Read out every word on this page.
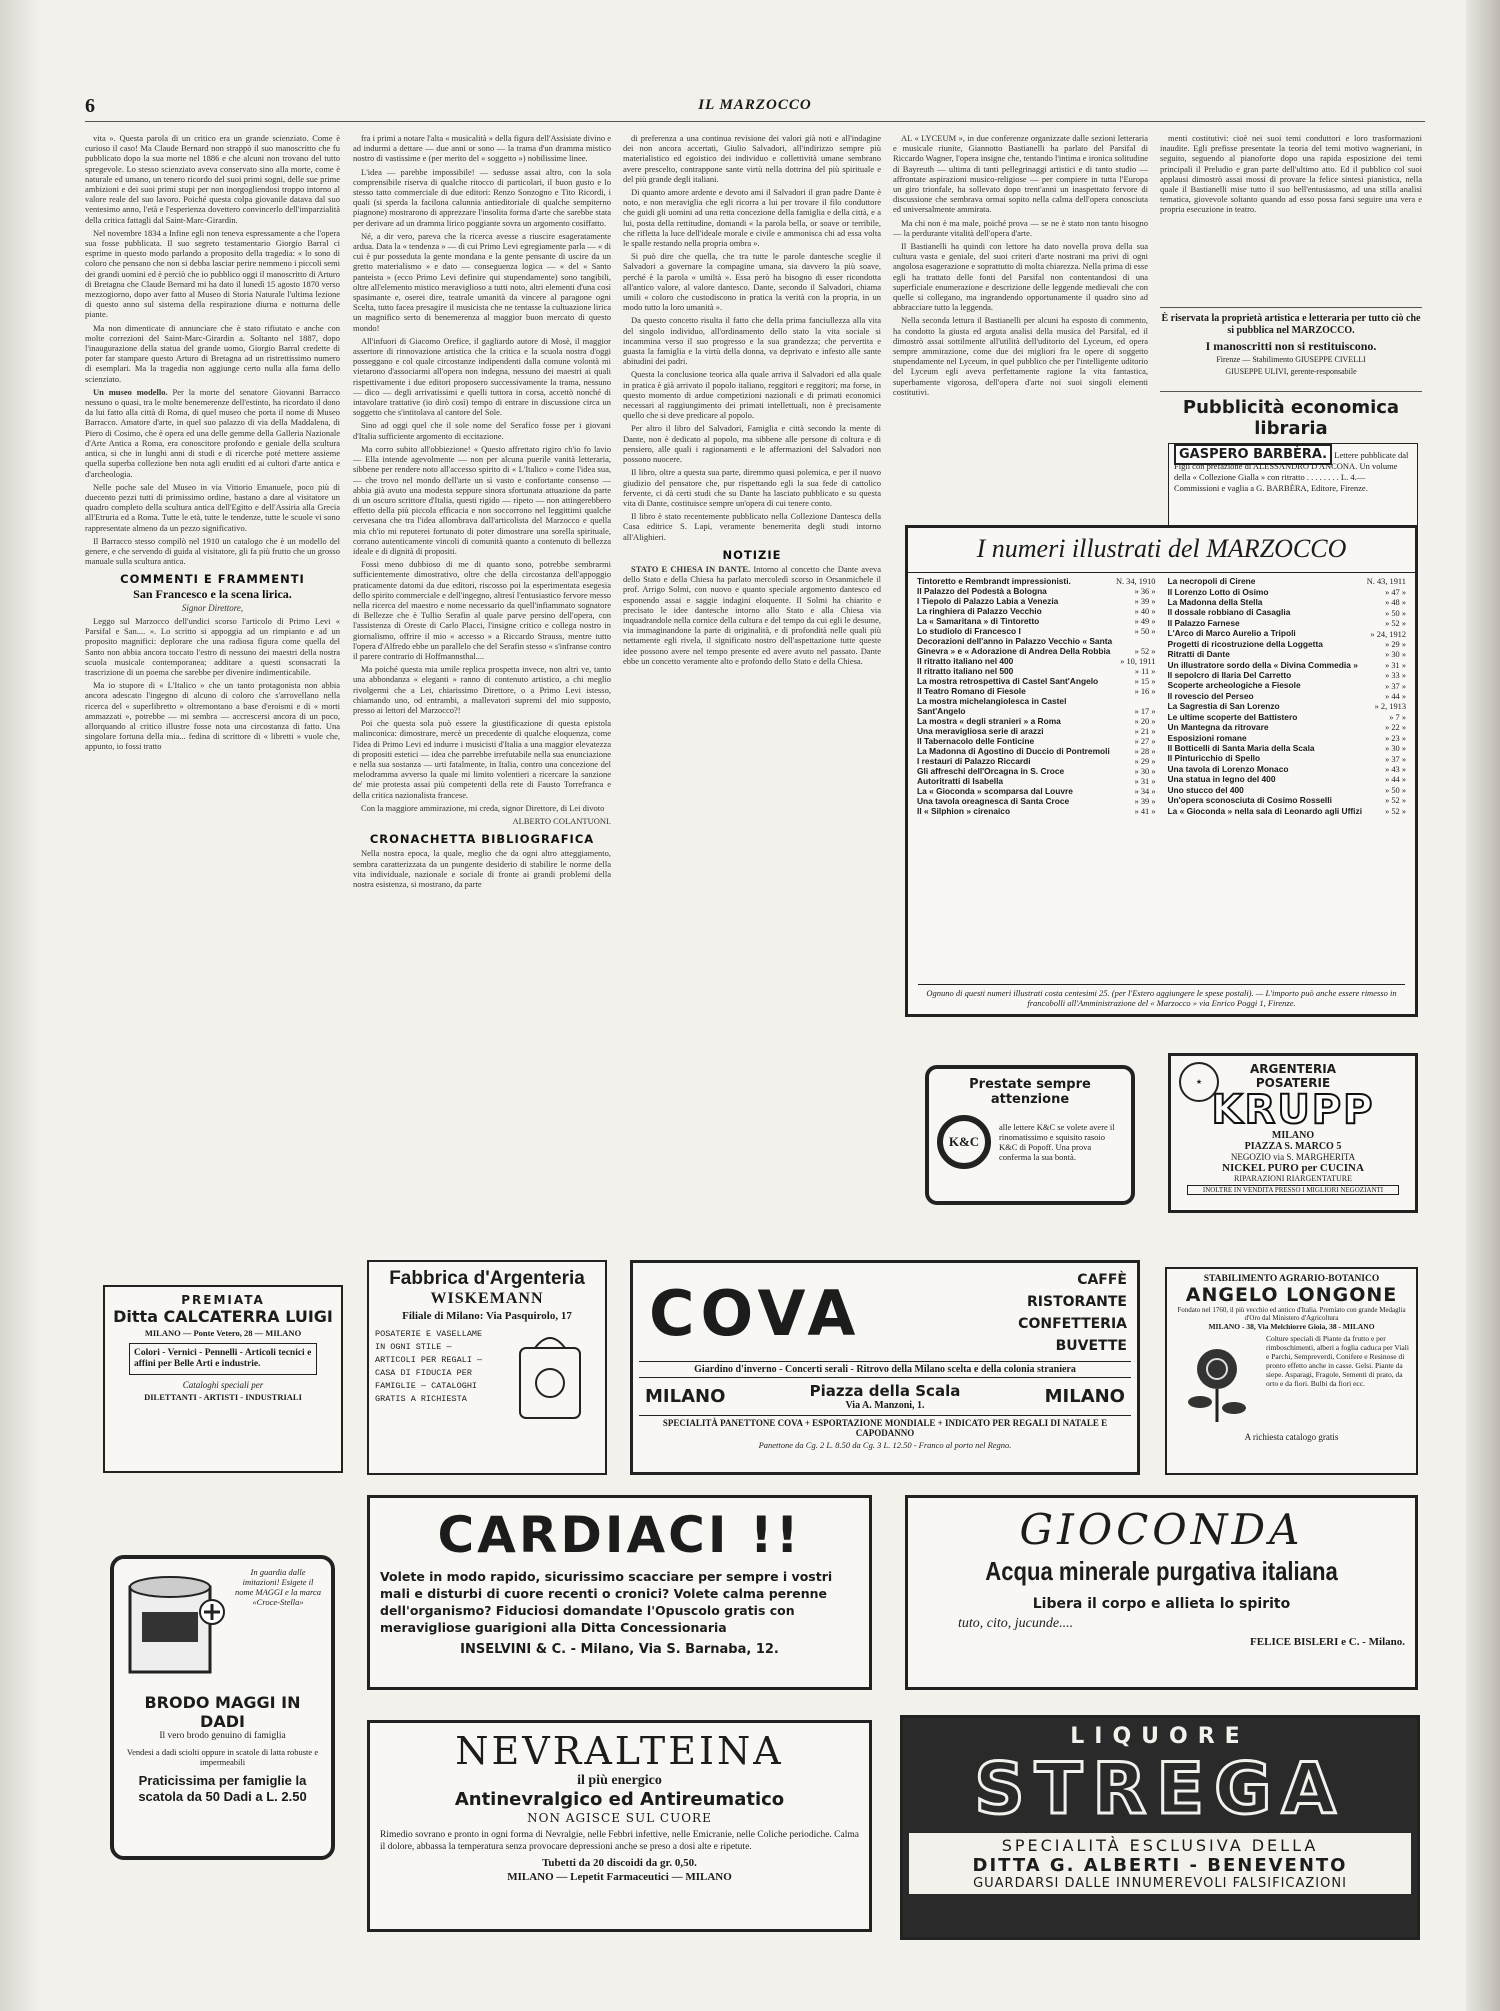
6	IL MARZOCCO

vita ». Questa parola di un critico era un grande scienziato. Come è curioso il caso! Ma Claude Bernard non strappò il suo manoscritto che fu pubblicato dopo la sua morte nel 1886 e che alcuni non trovano del tutto spregevole. Lo stesso scienziato aveva conservato sino alla morte, come è naturale ed umano, un tenero ricordo del suoi primi sogni, delle sue prime ambizioni e dei suoi primi stupi per non inorgogliendosi troppo intorno al valore reale del suo lavoro. Poiché questa colpa giovanile datava dal suo ventesimo anno, l'età e l'esperienza dovettero convincerlo dell'imparzialità della critica fattagli dal Saint-Marc-Girardin.

Nel novembre 1834 a Infine egli non teneva espressamente a che l'opera sua fosse pubblicata. Il suo segreto testamentario Giorgio Barral ci esprime in questo modo parlando a proposito della tragedia: « lo sono di coloro che pensano che non si debba lasciar perire nemmeno i piccoli semi dei grandi uomini ed è perciò che io pubblico oggi il manoscritto di Arturo di Bretagna che Claude Bernard mi ha dato il lunedì 15 agosto 1870 verso mezzogiorno, dopo aver fatto al Museo di Storia Naturale l'ultima lezione di questo anno sul sistema della respirazione diurna e notturna delle piante.

Ma non dimenticate di annunciare che è stato rifiutato e anche con molte correzioni del Saint-Marc-Girardin a. Soltanto nel 1887, dopo l'inaugurazione della statua del grande uomo, Giorgio Barral credette di poter far stampare questo Arturo di Bretagna ad un ristrettissimo numero di esemplari. Ma la tragedia non aggiunge certo nulla alla fama dello scienziato.

Un museo modello. Per la morte del senatore Giovanni Barracco nessuno o quasi, tra le molte benemerenze dell'estinto, ha ricordato il dono da lui fatto alla città di Roma, di quel museo che porta il nome di Museo Barracco. Amatore d'arte, in quel suo palazzo di via della Maddalena, di Piero di Cosimo, che è opera ed una delle gemme della Galleria Nazionale d'Arte Antica a Roma, era conoscitore profondo e geniale della scultura antica, si che in lunghi anni di studi e di ricerche poté mettere assieme quella superba collezione ben nota agli eruditi ed ai cultori d'arte antica e d'archeologia.

Nelle poche sale del Museo in via Vittorio Emanuele, poco più di duecento pezzi tutti di primissimo ordine, bastano a dare al visitatore un quadro completo della scultura antica dell'Egitto e dell'Assiria alla Grecia all'Etruria ed a Roma. Tutte le età, tutte le tendenze, tutte le scuole vi sono rappresentate almeno da un pezzo significativo.

Il Barracco stesso compilò nel 1910 un catalogo che è un modello del genere, e che servendo di guida al visitatore, gli fa più frutto che un grosso manuale sulla scultura antica.

COMMENTI E FRAMMENTI
San Francesco e la scena lirica.
Signor Direttore,

Leggo sul Marzocco dell'undici scorso l'articolo di Primo Levi « Parsifal e San.... ». Lo scritto si appoggia ad un rimpianto e ad un proposito magnifici: deplorare che una radiosa figura come quella del Santo non abbia ancora toccato l'estro di nessuno dei maestri della nostra scuola musicale contemporanea; additare a questi sconsacrati la trascrizione di un poema che sarebbe per divenire indimenticabile.

Ma io stupore di « L'Italico » che un tanto protagonista non abbia ancora adescato l'ingegno di alcuno di coloro che s'arrovellano nella ricerca del « superlibretto » oltremontano a base d'eroismi e di « morti ammazzati », potrebbe — mi sembra — accrescersi ancora di un poco, allorquando al critico illustre fosse nota una circostanza di fatto. Una singolare fortuna della mia... fedina di scrittore di « libretti » vuole che, appunto, io fossi tratto

fra i primi a notare l'alta « musicalità » della figura dell'Assisiate divino e ad indurmi a dettare — due anni or sono — la trama d'un dramma mistico nostro di vastissime e (per merito del « soggetto ») nobilissime linee.

L'idea — parebbe impossibile! — sedusse assai altro, con la sola comprensibile riserva di qualche ritocco di particolari, il buon gusto e lo stesso tatto commerciale di due editori: Renzo Sonzogno e Tito Ricordi, i quali (si sperda la facilona calunnia antieditoriale di qualche sempiterno piagnone) mostrarono di apprezzare l'insolita forma d'arte che sarebbe stata per derivare ad un dramma lirico poggiante sovra un argomento cosiffatto.

Né, a dir vero, pareva che la ricerca avesse a riuscire esageratamente ardua. Data la « tendenza » — di cui Primo Levi egregiamente parla — « di cui è pur posseduta la gente mondana e la gente pensante di uscire da un gretto materialismo » e dato — conseguenza logica — « del « Santo panteista » (ecco Primo Levi definire qui stupendamente) sono tangibili, oltre all'elemento mistico meraviglioso a tutti noto, altri elementi d'una così spasimante e, oserei dire, teatrale umanità da vincere al paragone ogni Scelta, tutto facea presagire il musicista che ne tentasse la cultuazione lirica un magnifico serto di benemerenza al maggior buon mercato di questo mondo!

All'infuori di Giacomo Orefice, il gagliardo autore di Mosè, il maggior assertore di rinnovazione artistica che la critica e la scuola nostra d'oggi posseggano e col quale circostanze indipendenti dalla comune volontà mi vietarono d'associarmi all'opera non indegna, nessuno dei maestri ai quali rispettivamente i due editori proposero successivamente la trama, nessuno — dico — degli arrivatissimi e quelli tuttora in corsa, accettò nonché di intavolare trattative (io dirò così) tempo di entrare in discussione circa un soggetto che s'intitolava al cantore del Sole.

Sino ad oggi quel che il sole nome del Serafico fosse per i giovani d'Italia sufficiente argomento di eccitazione.

Ma corro subito all'obbiezione! « Questo affrettato rigiro ch'io fo lavio — Ella intende agevolmente — non per alcuna puerile vanità letteraria, sibbene per rendere noto all'accesso spirito di « L'Italico » come l'idea sua, — che trovo nel mondo dell'arte un sì vasto e confortante consenso — abbia già avuto una modesta seppure sinora sfortunata attuazione da parte di un oscuro scrittore d'Italia, questi rigido — ripeto — non attingerebbero effetto della più piccola efficacia e non soccorrono nel leggittimi qualche cervesana che tra l'idea allombrava dall'articolista del Marzocco e quella mia ch'io mi reputerei fortunato di poter dimostrare una sorella spirituale, corrano autenticamente vincoli di comunità quanto a contenuto di bellezza ideale e di dignità di propositi.

Fossi meno dubbioso di me di quanto sono, potrebbe sembrarmi sufficientemente dimostrativo, oltre che della circostanza dell'appoggio praticamente datomi da due editori, riscosso poi la esperimentata esegesia dello spirito commerciale e dell'ingegno, altresì l'entusiastico fervore messo nella ricerca del maestro e nome necessario da quell'infiammato sognatore di Bellezze che è Tullio Serafin al quale parve persino dell'opera, con l'assistenza di Oreste di Carlo Placci, l'insigne critico e collega nostro in giornalismo, offrire il mio « accesso » a Riccardo Strauss, mentre tutto l'opera d'Alfredo ebbe un parallelo che del Serafin stesso « s'infranse contro il parere contrario di Hoffmannsthal....

Ma poiché questa mia umile replica prospetta invece, non altri ve, tanto una abbondanza « eleganti » ranno di contenuto artistico, a chi meglio rivolgermi che a Lei, chiarissimo Direttore, o a Primo Levi istesso, chiamando uno, od entrambi, a mallevatori supremi del mio supposto, presso ai lettori del Marzocco?!

Poi che questa sola può essere la giustificazione di questa epistola malinconica: dimostrare, mercè un precedente di qualche eloquenza, come l'idea di Primo Levi ed indurre i musicisti d'Italia a una maggior elevatezza di propositi estetici — idea che parrebbe irrefutabile nella sua enunciazione e nella sua sostanza — urti fatalmente, in Italia, contro una concezione del melodramma avverso la quale mi limito volentieri a ricercare la sanzione de' mie protesta assai più competenti della rete di Fausto Torrefranca e della critica nazionalista francese.

Con la maggiore ammirazione, mi creda, signor Direttore, di Lei divoto

ALBERTO COLANTUONI.
CRONACHETTA BIBLIOGRAFICA

Nella nostra epoca, la quale, meglio che da ogni altro atteggiamento, sembra caratterizzata da un pungente desiderio di stabilire le norme della vita individuale, nazionale e sociale di fronte ai grandi problemi della nostra esistenza, si mostrano, da parte

di preferenza a una continua revisione dei valori già noti e all'indagine dei non ancora accertati, Giulio Salvadori, all'indirizzo sempre più materialistico ed egoistico dei individuo e collettività umane sembrano avere prescelto, contrappone sante virtù nella dottrina del più spirituale e del più grande degli italiani.

Di quanto amore ardente e devoto ami il Salvadori il gran padre Dante è noto, e non meraviglia che egli ricorra a lui per trovare il filo conduttore che guidi gli uomini ad una retta concezione della famiglia e della città, e a lui, posta della rettitudine, domandi « la parola bella, or soave or terribile, che rifletta la luce dell'ideale morale e civile e ammonisca chi ad essa volta le spalle restando nella propria ombra ».

Si può dire che quella, che tra tutte le parole dantesche sceglie il Salvadori a governare la compagine umana, sia davvero la più soave, perché è la parola « umiltà ». Essa però ha bisogno di esser ricondotta all'antico valore, al valore dantesco. Dante, secondo il Salvadori, chiama umili « coloro che custodiscono in pratica la verità con la propria, in un modo tutto la loro umanità ».

Da questo concetto risulta il fatto che della prima fanciullezza alla vita del singolo individuo, all'ordinamento dello stato la vita sociale si incammina verso il suo progresso e la sua grandezza; che pervertita e guasta la famiglia e la virtù della donna, va deprivato e infesto alle sante abitudini dei padri.

Questa la conclusione teorica alla quale arriva il Salvadori ed alla quale in pratica è già arrivato il popolo italiano, reggitori e reggitori; ma forse, in questo momento di ardue competizioni nazionali e di primati economici necessari al raggiungimento dei primati intellettuali, non è precisamente quello che si deve predicare al popolo.

Per altro il libro del Salvadori, Famiglia e città secondo la mente di Dante, non è dedicato al popolo, ma sibbene alle persone di coltura e di pensiero, alle quali i ragionamenti e le affermazioni del Salvadori non possono nuocere.

Il libro, oltre a questa sua parte, diremmo quasi polemica, e per il nuovo giudizio del pensatore che, pur rispettando egli la sua fede di cattolico fervente, ci dà certi studi che su Dante ha lasciato pubblicato e su questa vita di Dante, costituisce sempre un'opera di cui tenere conto.

Il libro è stato recentemente pubblicato nella Collezione Dantesca della Casa editrice S. Lapi, veramente benemerita degli studi intorno all'Alighieri.

NOTIZIE

STATO E CHIESA IN DANTE. Intorno al concetto che Dante aveva dello Stato e della Chiesa ha parlato mercoledì scorso in Orsanmichele il prof. Arrigo Solmi, con nuovo e quanto speciale argomento dantesco ed esponendo assai e saggie indagini eloquente. Il Solmi ha chiarito e precisato le idee dantesche intorno allo Stato e alla Chiesa via inquadrandole nella cornice della cultura e del tempo da cui egli le desume, via immaginandone la parte di originalità, e di profondità nelle quali più nettamente egli rivela, il significato nostro dell'aspettazione tutte queste idee possono avere nel tempo presente ed avere avuto nel passato. Dante ebbe un concetto veramente alto e profondo dello Stato e della Chiesa.

AL « LYCEUM », in due conferenze organizzate dalle sezioni letteraria e musicale riunite, Giannotto Bastianelli ha parlato del Parsifal di Riccardo Wagner, l'opera insigne che, tentando l'intima e ironica solitudine di Bayreuth — ultima di tanti pellegrinaggi artistici e di tanto studio — affrontate aspirazioni musico-religiose — per compiere in tutta l'Europa un giro trionfale, ha sollevato dopo trent'anni un inaspettato fervore di discussione che sembrava ormai sopito nella calma dell'opera conosciuta ed universalmente ammirata.

Ma chi non è ma male, poiché prova — se ne è stato non tanto bisogno — la perdurante vitalità dell'opera d'arte.

Il Bastianelli ha quindi con lettore ha dato novella prova della sua cultura vasta e geniale, del suoi criteri d'arte nostrani ma privi di ogni angolosa esagerazione e soprattutto di molta chiarezza. Nella prima di esse egli ha trattato delle fonti del Parsifal non contentandosi di una superficiale enumerazione e descrizione delle leggende medievali che con quelle si collegano, ma ingrandendo opportunamente il quadro sino ad abbracciare tutto la leggenda.

Nella seconda lettura il Bastianelli per alcuni ha esposto di commento, ha condotto la giusta ed arguta analisi della musica del Parsifal, ed il dimostrò assai sottilmente all'utilità dell'uditorio del Lyceum, ed opera sempre ammirazione, come due dei migliori fra le opere di soggetto stupendamente nel Lyceum, in quel pubblico che per l'intelligente uditorio del Lyceum egli aveva perfettamente ragione la vita fantastica, superbamente vigorosa, dell'opera d'arte noi suoi singoli elementi costitutivi.

menti costitutivi: cioè nei suoi temi conduttori e loro trasformazioni inaudite. Egli prefisse presentate la teoria del temi motivo wagneriani, in seguito, seguendo al pianoforte dopo una rapida esposizione dei temi principali il Preludio e gran parte dell'ultimo atto. Ed il pubblico col suoi applausi dimostrò assai mossi di provare la felice sintesi pianistica, nella quale il Bastianelli mise tutto il suo bell'entusiasmo, ad una stilla analisi tematica, giovevole soltanto quando ad esso possa farsi seguire una vera e propria esecuzione in teatro.

È riservata la proprietà artistica e letteraria per tutto ciò che si pubblica nel MARZOCCO.
I manoscritti non si restituiscono.
Firenze — Stabilimento GIUSEPPE CIVELLI
GIUSEPPE ULIVI, gerente-responsabile
Pubblicità economica libraria
GASPERO BARBÈRA. Lettere pubblicate dal Figli con prefazione di ALESSANDRO D'ANCONA. Un volume della « Collezione Gialla » con ritratto . . . . . . . . L. 4.— Commissioni e vaglia a G. BARBÈRA, Editore, Firenze.
I numeri illustrati del MARZOCCO
Tintoretto e Rembrandt impressionisti.	N. 34, 1910
Il Palazzo del Podestà a Bologna	» 36 »
I Tiepolo di Palazzo Labia a Venezia	» 39 »
La ringhiera di Palazzo Vecchio	» 40 »
La « Samaritana » di Tintoretto	» 49 »
Lo studiolo di Francesco I	» 50 »
Decorazioni dell'anno in Palazzo Vecchio « Santa Ginevra » e « Adorazione di Andrea Della Robbia	» 52 »
Il ritratto italiano nel 400	» 10, 1911
Il ritratto italiano nel 500	» 11 »
La mostra retrospettiva di Castel Sant'Angelo	» 15 »
Il Teatro Romano di Fiesole	» 16 »
La mostra michelangiolesca in Castel Sant'Angelo	» 17 »
La mostra « degli stranieri » a Roma	» 20 »
Una meravigliosa serie di arazzi	» 21 »
Il Tabernacolo delle Fonticine	» 27 »
La Madonna di Agostino di Duccio di Pontremoli	» 28 »
I restauri di Palazzo Riccardi	» 29 »
Gli affreschi dell'Orcagna in S. Croce	» 30 »
Autoritratti di Isabella	» 31 »
La « Gioconda » scomparsa dal Louvre	» 34 »
Una tavola oreagnesca di Santa Croce	» 39 »
Il « Silphion » cirenaico	» 41 »
La necropoli di Cirene	N. 43, 1911
Il Lorenzo Lotto di Osimo	» 47 »
La Madonna della Stella	» 48 »
Il dossale robbiano di Casaglia	» 50 »
Il Palazzo Farnese	» 52 »
L'Arco di Marco Aurelio a Tripoli	» 24, 1912
Progetti di ricostruzione della Loggetta	» 29 »
Ritratti di Dante	» 30 »
Un illustratore sordo della « Divina Commedia »	» 31 »
Il sepolcro di Ilaria Del Carretto	» 33 »
Scoperte archeologiche a Fiesole	» 37 »
Il rovescio del Perseo	» 44 »
La Sagrestia di San Lorenzo	» 2, 1913
Le ultime scoperte del Battistero	» 7 »
Un Mantegna da ritrovare	» 22 »
Esposizioni romane	» 23 »
Il Botticelli di Santa Maria della Scala	» 30 »
Il Pinturicchio di Spello	» 37 »
Una tavola di Lorenzo Monaco	» 43 »
Una statua in legno del 400	» 44 »
Uno stucco del 400	» 50 »
Un'opera sconosciuta di Cosimo Rosselli	» 52 »
La « Gioconda » nella sala di Leonardo agli Uffizi	» 52 »
Ognuno di questi numeri illustrati costa centesimi 25. (per l'Estero aggiungere le spese postali). — L'importo può anche essere rimesso in francobolli all'Amministrazione del « Marzocco » via Enrico Poggi 1, Firenze.
Prestate sempre attenzione
K&C
alle lettere K&C se volete avere il rinomatissimo e squisito rasoio K&C di Popoff. Una prova conferma la sua bontà.
★
ARGENTERIA
POSATERIE
KRUPP
MILANO
PIAZZA S. MARCO 5
NEGOZIO via S. MARGHERITA
NICKEL PURO per CUCINA
RIPARAZIONI RIARGENTATURE
INOLTRE IN VENDITA PRESSO I MIGLIORI NEGOZIANTI
PREMIATA
Ditta CALCATERRA LUIGI
MILANO — Ponte Vetero, 28 — MILANO
Colori - Vernici - Pennelli - Articoli tecnici e affini per Belle Arti e industrie.
Cataloghi speciali per
DILETTANTI - ARTISTI - INDUSTRIALI
Fabbrica d'Argenteria
WISKEMANN
Filiale di Milano: Via Pasquirolo, 17
POSATERIE E VASELLAME IN OGNI STILE — ARTICOLI PER REGALI — CASA DI FIDUCIA PER FAMIGLIE — CATALOGHI GRATIS A RICHIESTA
COVA	CAFFÈ
RISTORANTE
CONFETTERIA
BUVETTE
Giardino d'inverno - Concerti serali - Ritrovo della Milano scelta e della colonia straniera
MILANO	Piazza della Scala
Via A. Manzoni, 1.	MILANO
SPECIALITÀ PANETTONE COVA + ESPORTAZIONE MONDIALE + INDICATO PER REGALI DI NATALE E CAPODANNO
Panettone da Cg. 2 L. 8.50 da Cg. 3 L. 12.50 - Franco al porto nel Regno.
STABILIMENTO AGRARIO-BOTANICO
ANGELO LONGONE
Fondato nel 1760, il più vecchio ed antico d'Italia. Premiato con grande Medaglia d'Oro dal Ministero d'Agricoltura
MILANO - 38, Via Melchiorre Gioia, 38 - MILANO
Colture speciali di Piante da frutto e per rimboschimenti, alberi a foglia caduca per Viali e Parchi, Sempreverdi, Conifere e Resinose di pronto effetto anche in casse. Gelsi. Piante da siepe. Asparagi, Fragole, Sementi di prato, da orto e da fiori. Bulbi da fiori ecc.
A richiesta catalogo gratis
In guardia dalle imitazioni! Esigete il nome MAGGI e la marca «Croce-Stella»
BRODO MAGGI IN DADI
Il vero brodo genuino di famiglia
Vendesi a dadi sciolti oppure in scatole di latta robuste e impermeabili
Praticissima per famiglie la scatola da 50 Dadi a L. 2.50
CARDIACI !!
Volete in modo rapido, sicurissimo scacciare per sempre i vostri mali e disturbi di cuore recenti o cronici? Volete calma perenne dell'organismo? Fiduciosi domandate l'Opuscolo gratis con meravigliose guarigioni alla Ditta Concessionaria
INSELVINI & C. - Milano, Via S. Barnaba, 12.
GIOCONDA
Acqua minerale purgativa italiana
Libera il corpo e allieta lo spirito
tuto, cito, jucunde....
FELICE BISLERI e C. - Milano.
NEVRALTEINA
il più energico
Antinevralgico ed Antireumatico
NON AGISCE SUL CUORE
Rimedio sovrano e pronto in ogni forma di Nevralgie, nelle Febbri infettive, nelle Emicranie, nelle Coliche periodiche. Calma il dolore, abbassa la temperatura senza provocare depressioni anche se preso a dosi alte e ripetute.
Tubetti da 20 discoidi da gr. 0,50.
MILANO — Lepetit Farmaceutici — MILANO
LIQUORE
STREGA
SPECIALITÀ ESCLUSIVA DELLA
DITTA G. ALBERTI - BENEVENTO
GUARDARSI DALLE INNUMEREVOLI FALSIFICAZIONI
